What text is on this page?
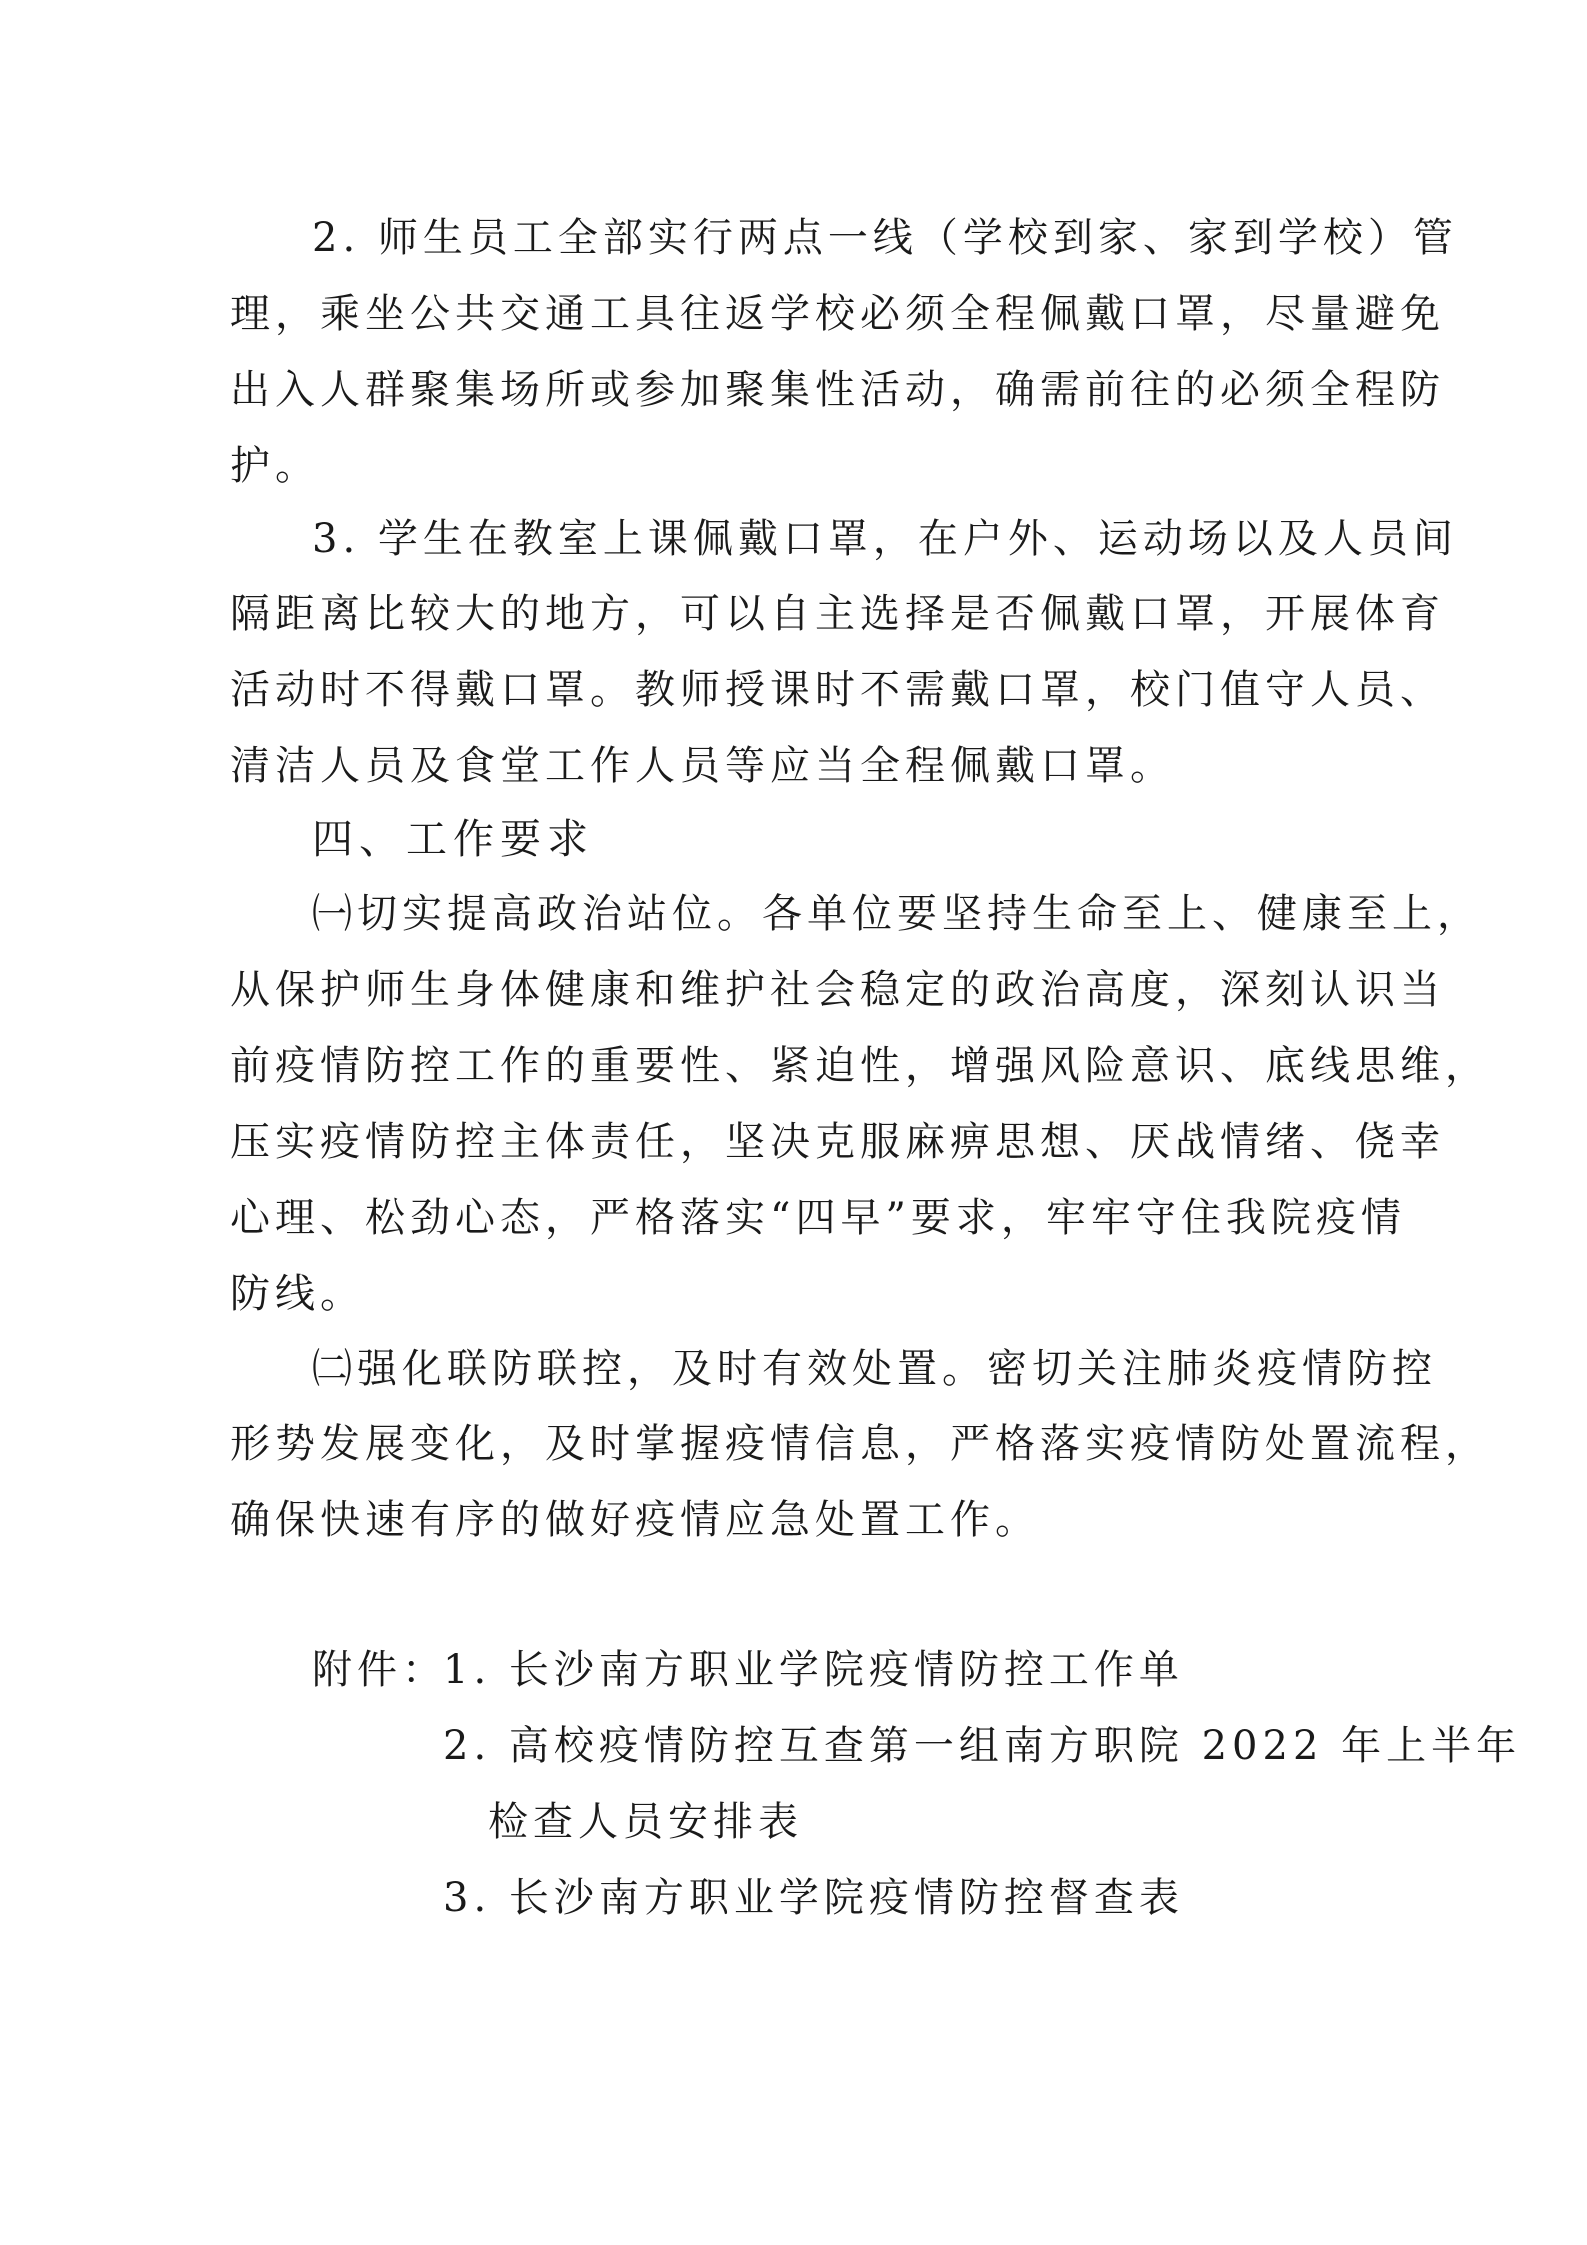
2. 师生员工全部实行两点一线（学校到家、家到学校）管
理，乘坐公共交通工具往返学校必须全程佩戴口罩，尽量避免
出入人群聚集场所或参加聚集性活动，确需前往的必须全程防
护。
3. 学生在教室上课佩戴口罩，在户外、运动场以及人员间
隔距离比较大的地方，可以自主选择是否佩戴口罩，开展体育
活动时不得戴口罩。教师授课时不需戴口罩，校门值守人员、
清洁人员及食堂工作人员等应当全程佩戴口罩。
四、工作要求
㈠切实提高政治站位。各单位要坚持生命至上、健康至上，
从保护师生身体健康和维护社会稳定的政治高度，深刻认识当
前疫情防控工作的重要性、紧迫性，增强风险意识、底线思维，
压实疫情防控主体责任，坚决克服麻痹思想、厌战情绪、侥幸
心理、松劲心态，严格落实“四早”要求，牢牢守住我院疫情
防线。
㈡强化联防联控，及时有效处置。密切关注肺炎疫情防控
形势发展变化，及时掌握疫情信息，严格落实疫情防处置流程，
确保快速有序的做好疫情应急处置工作。
附件：
1. 长沙南方职业学院疫情防控工作单
2. 高校疫情防控互查第一组南方职院 2022 年上半年
检查人员安排表
3. 长沙南方职业学院疫情防控督查表
